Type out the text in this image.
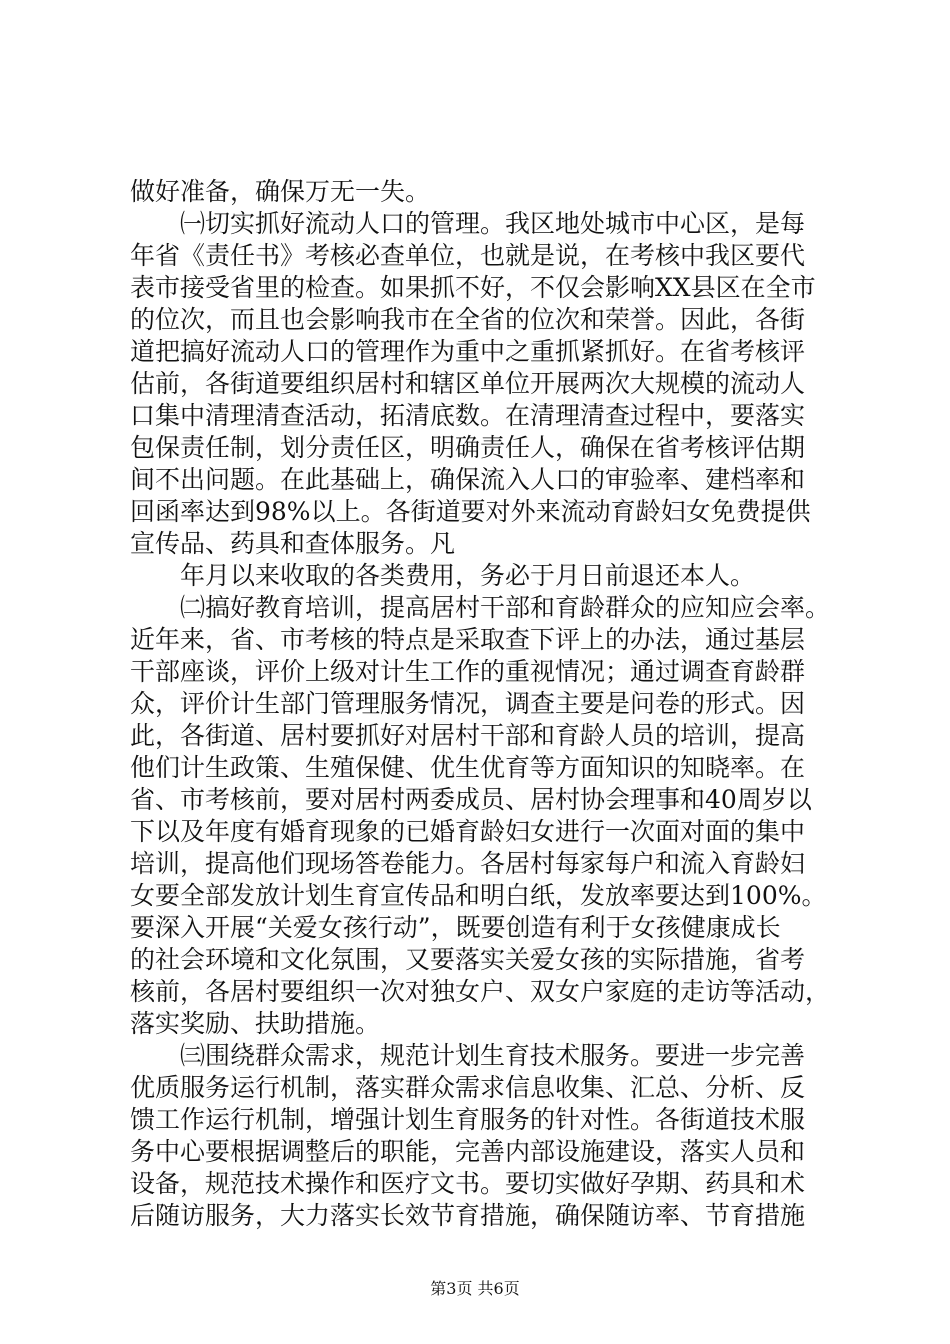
做好准备，确保万无一失。
㈠切实抓好流动人口的管理。我区地处城市中心区，是每
年省《责任书》考核必查单位，也就是说，在考核中我区要代
表市接受省里的检查。如果抓不好，不仅会影响XX县区在全市
的位次，而且也会影响我市在全省的位次和荣誉。因此，各街
道把搞好流动人口的管理作为重中之重抓紧抓好。在省考核评
估前，各街道要组织居村和辖区单位开展两次大规模的流动人
口集中清理清查活动，拓清底数。在清理清查过程中，要落实
包保责任制，划分责任区，明确责任人，确保在省考核评估期
间不出问题。在此基础上，确保流入人口的审验率、建档率和
回函率达到98%以上。各街道要对外来流动育龄妇女免费提供
宣传品、药具和查体服务。凡
年月以来收取的各类费用，务必于月日前退还本人。
㈡搞好教育培训，提高居村干部和育龄群众的应知应会率。
近年来，省、市考核的特点是采取查下评上的办法，通过基层
干部座谈，评价上级对计生工作的重视情况；通过调查育龄群
众，评价计生部门管理服务情况，调查主要是问卷的形式。因
此，各街道、居村要抓好对居村干部和育龄人员的培训，提高
他们计生政策、生殖保健、优生优育等方面知识的知晓率。在
省、市考核前，要对居村两委成员、居村协会理事和40周岁以
下以及年度有婚育现象的已婚育龄妇女进行一次面对面的集中
培训，提高他们现场答卷能力。各居村每家每户和流入育龄妇
女要全部发放计划生育宣传品和明白纸，发放率要达到100%。
要深入开展“关爱女孩行动”，既要创造有利于女孩健康成长
的社会环境和文化氛围，又要落实关爱女孩的实际措施，省考
核前，各居村要组织一次对独女户、双女户家庭的走访等活动，
落实奖励、扶助措施。
㈢围绕群众需求，规范计划生育技术服务。要进一步完善
优质服务运行机制，落实群众需求信息收集、汇总、分析、反
馈工作运行机制，增强计划生育服务的针对性。各街道技术服
务中心要根据调整后的职能，完善内部设施建设，落实人员和
设备，规范技术操作和医疗文书。要切实做好孕期、药具和术
后随访服务，大力落实长效节育措施，确保随访率、节育措施
第3页 共6页
